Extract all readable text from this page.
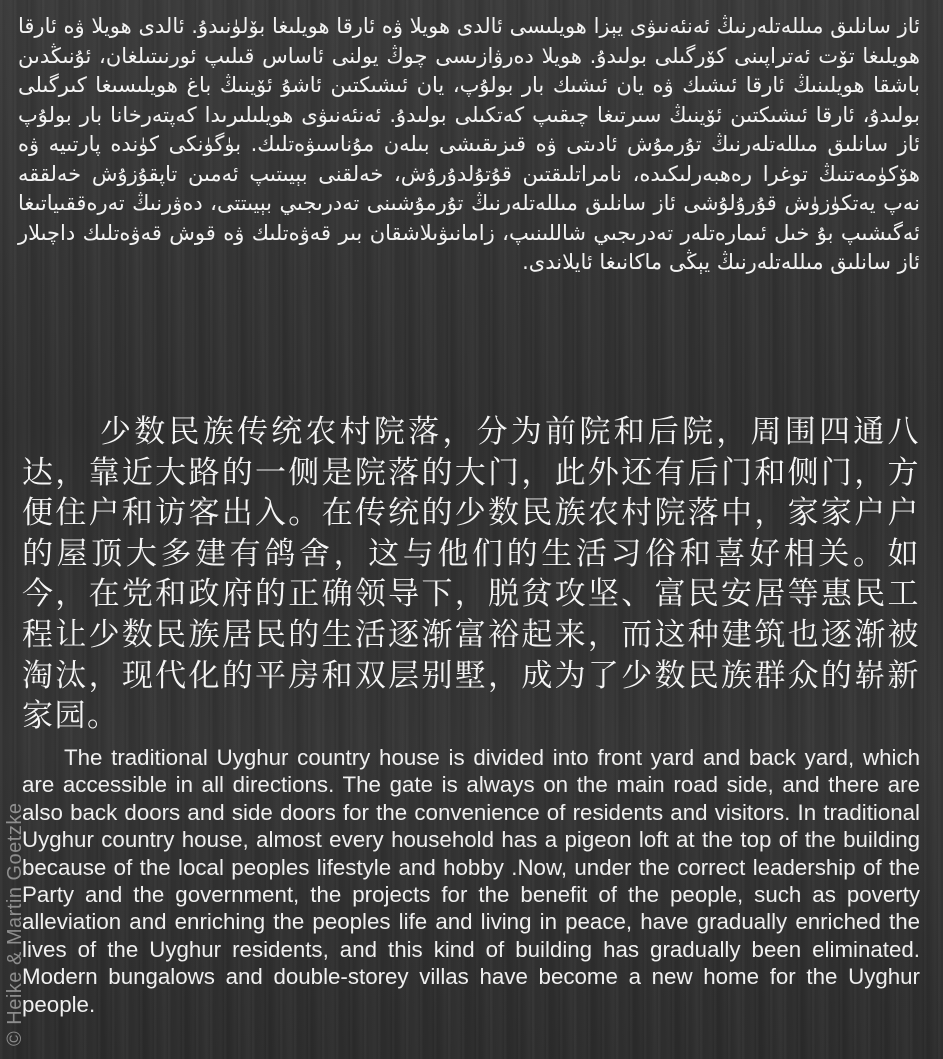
ئاز سانلىق مىللەتلەرنىڭ ئەنئەنىۋى يېزا ھويلىسى ئالدى ھويلا ۋە ئارقا ھويلىغا بۆلۈنىدۇ. ئالدى ھويلا ۋە ئارقا ھويلىغا تۆت ئەتراپىنى كۆرگىلى بولىدۇ. ھويلا دەرۋازىسى چوڭ يولنى ئاساس قىلىپ ئورنىتىلغان، ئۇنىڭدىن باشقا ھويلىنىڭ ئارقا ئىشىك ۋە يان ئىشىك بار بولۇپ، يان ئىشىكتىن ئاشۇ ئۆينىڭ باغ ھويلىسىغا كىرگىلى بولىدۇ، ئارقا ئىشىكتىن ئۆينىڭ سىرتىغا چىقىپ كەتكىلى بولىدۇ. ئەنئەنىۋى ھويلىلىرىدا كەپتەرخانا بار بولۇپ ئاز سانلىق مىللەتلەرنىڭ تۇرمۇش ئادىتى ۋە قىزىقىشى بىلەن مۇناسىۋەتلىك. بۈگۈنكى كۈندە پارتىيە ۋە ھۆكۈمەتنىڭ توغرا رەھبەرلىكىدە، نامراتلىقتىن قۇتۇلدۇرۇش، خەلقنى بېيىتىپ ئەمىن تاپقۇزۇش خەلققە نەپ يەتكۈزۈش قۇرۇلۇشى ئاز سانلىق مىللەتلەرنىڭ تۇرمۇشىنى تەدرىجىي بېيىتتى، دەۋرنىڭ تەرەققىياتىغا ئەگىشىپ بۇ خىل ئىمارەتلەر تەدرىجىي شاللىنىپ، زامانىۋىلاشقان بىر قەۋەتلىك ۋە قوش قەۋەتلىك داچىلار ئاز سانلىق مىللەتلەرنىڭ يېڭى ماكانىغا ئايلاندى.

少数民族传统农村院落，分为前院和后院，周围四通八达，靠近大路的一侧是院落的大门，此外还有后门和侧门，方便住户和访客出入。在传统的少数民族农村院落中，家家户户的屋顶大多建有鸽舍，这与他们的生活习俗和喜好相关。如今，在党和政府的正确领导下，脱贫攻坚、富民安居等惠民工程让少数民族居民的生活逐渐富裕起来，而这种建筑也逐渐被淘汰，现代化的平房和双层别墅，成为了少数民族群众的崭新家园。

The traditional Uyghur country house is divided into front yard and back yard, which are accessible in all directions. The gate is always on the main road side, and there are also back doors and side doors for the convenience of residents and visitors. In traditional Uyghur country house, almost every household has a pigeon loft at the top of the building because of the local peoples lifestyle and hobby .Now, under the correct leadership of the Party and the government, the projects for the benefit of the people, such as poverty alleviation and enriching the peoples life and living in peace, have gradually enriched the lives of the Uyghur residents, and this kind of building has gradually been eliminated. Modern bungalows and double-storey villas have become a new home for the Uyghur people.

© Heike & Martin Goetzke
